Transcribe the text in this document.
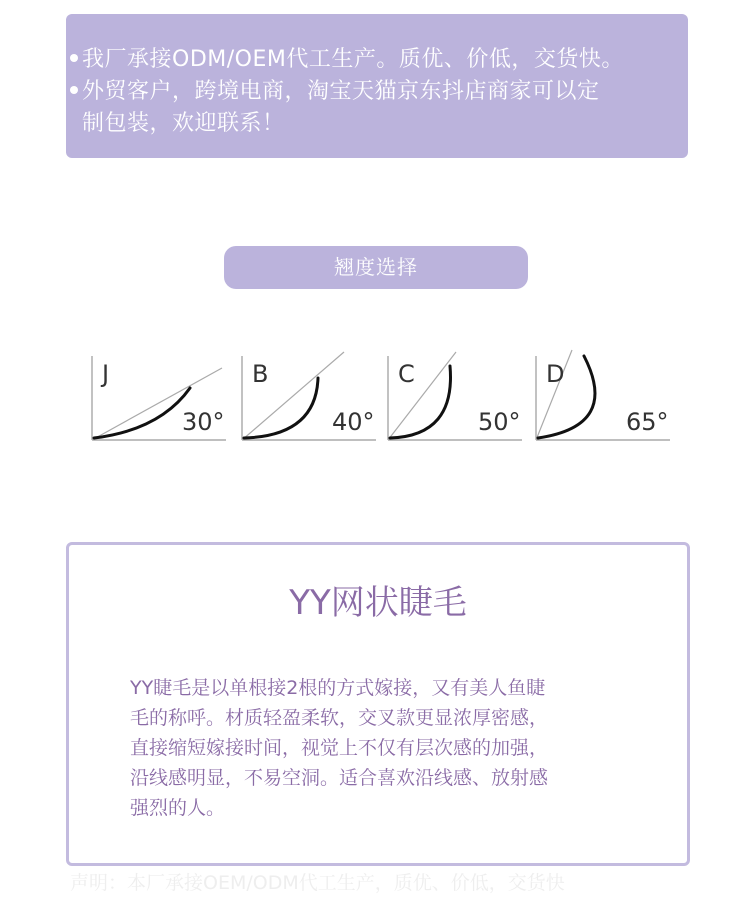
我厂承接ODM/OEM代工生产。质优、价低，交货快。
外贸客户，跨境电商，淘宝天猫京东抖店商家可以定
制包装，欢迎联系！
翘度选择
J
30°
B
40°
C
50°
D
65°
YY网状睫毛
YY睫毛是以单根接2根的方式嫁接，又有美人鱼睫
毛的称呼。材质轻盈柔软，交叉款更显浓厚密感，
直接缩短嫁接时间，视觉上不仅有层次感的加强，
沿线感明显，不易空洞。适合喜欢沿线感、放射感
强烈的人。
声明：本厂承接OEM/ODM代工生产，质优、价低，交货快
